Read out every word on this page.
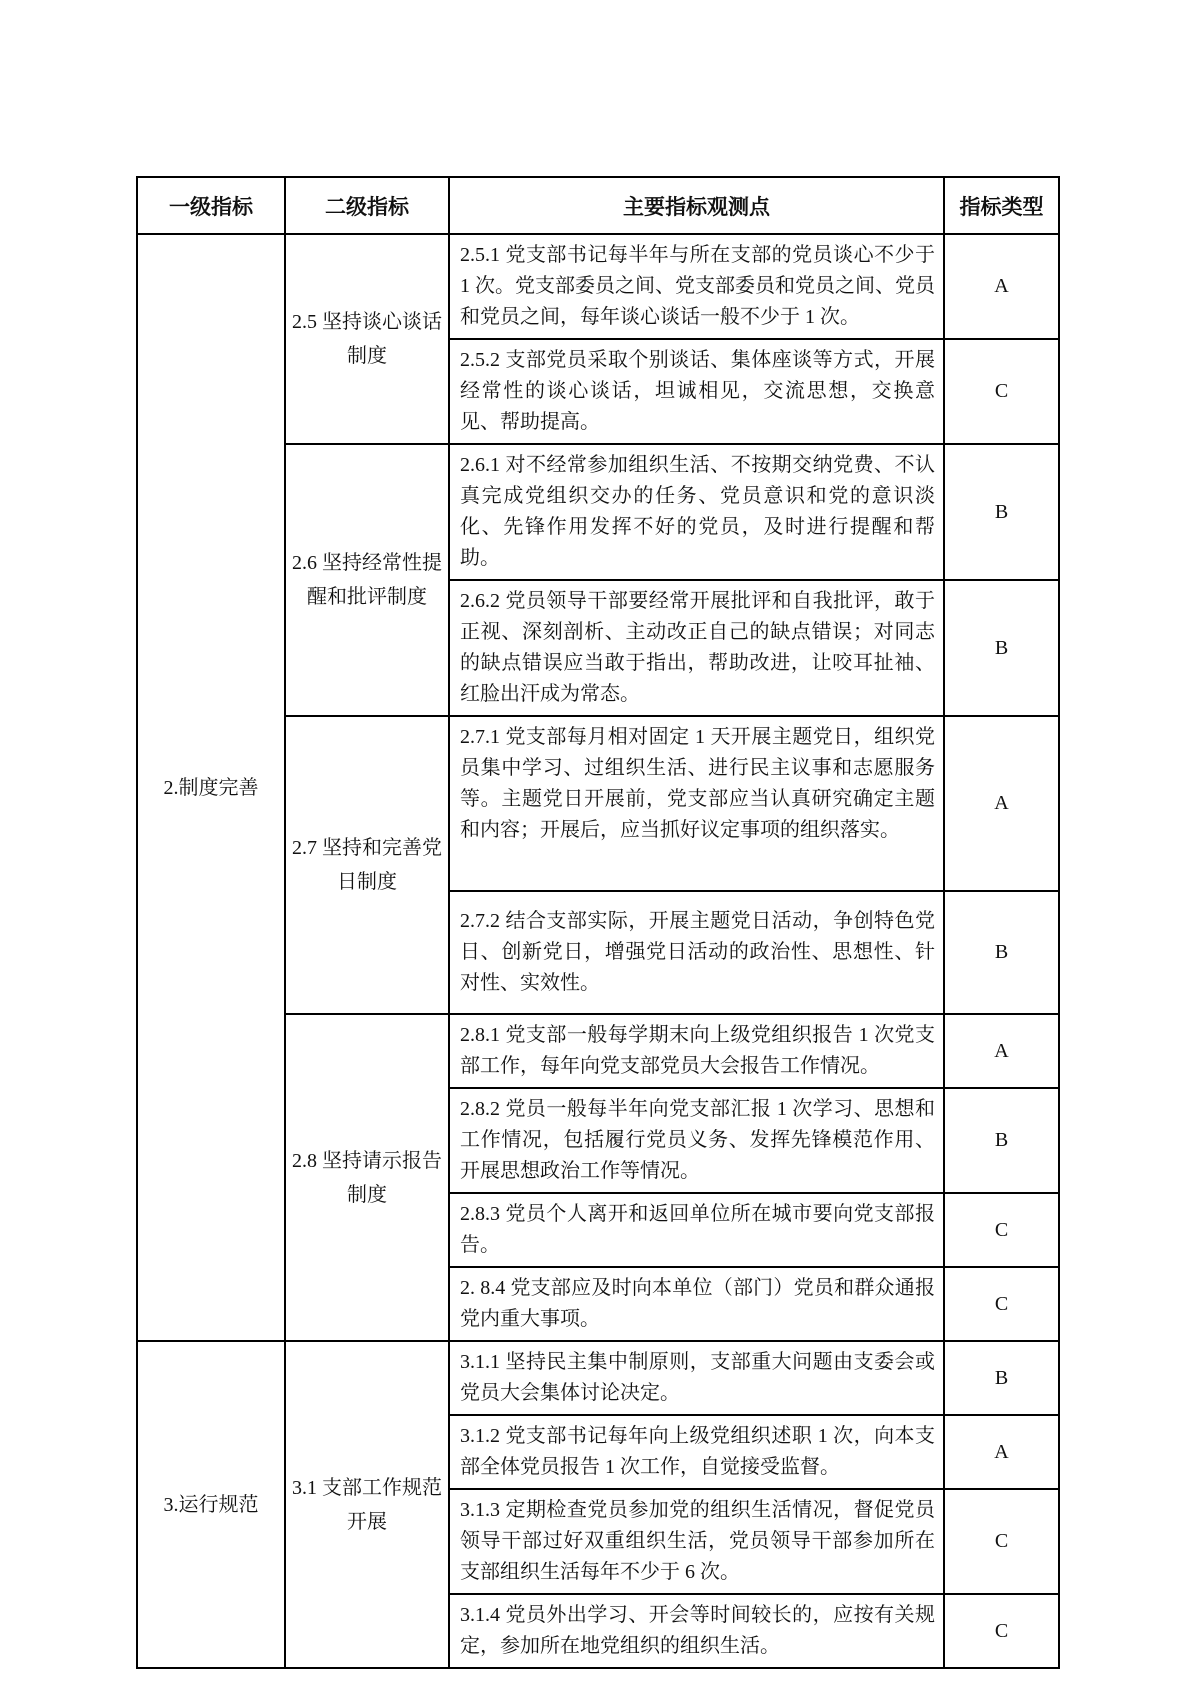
一级指标	二级指标	主要指标观测点	指标类型
2.制度完善	2.5 坚持谈心谈话制度	2.5.1 党支部书记每半年与所在支部的党员谈心不少于 1 次。党支部委员之间、党支部委员和党员之间、党员和党员之间，每年谈心谈话一般不少于 1 次。	A
		2.5.2 支部党员采取个别谈话、集体座谈等方式，开展经常性的谈心谈话，坦诚相见，交流思想，交换意见、帮助提高。	C
	2.6 坚持经常性提醒和批评制度	2.6.1 对不经常参加组织生活、不按期交纳党费、不认真完成党组织交办的任务、党员意识和党的意识淡化、先锋作用发挥不好的党员，及时进行提醒和帮助。	B
		2.6.2 党员领导干部要经常开展批评和自我批评，敢于正视、深刻剖析、主动改正自己的缺点错误；对同志的缺点错误应当敢于指出，帮助改进，让咬耳扯袖、红脸出汗成为常态。	B
	2.7 坚持和完善党日制度	2.7.1 党支部每月相对固定 1 天开展主题党日，组织党员集中学习、过组织生活、进行民主议事和志愿服务等。主题党日开展前，党支部应当认真研究确定主题和内容；开展后，应当抓好议定事项的组织落实。	A
		2.7.2 结合支部实际，开展主题党日活动，争创特色党日、创新党日，增强党日活动的政治性、思想性、针对性、实效性。	B
	2.8 坚持请示报告制度	2.8.1 党支部一般每学期末向上级党组织报告 1 次党支部工作，每年向党支部党员大会报告工作情况。	A
		2.8.2 党员一般每半年向党支部汇报 1 次学习、思想和工作情况，包括履行党员义务、发挥先锋模范作用、开展思想政治工作等情况。	B
		2.8.3 党员个人离开和返回单位所在城市要向党支部报告。	C
		2. 8.4 党支部应及时向本单位（部门）党员和群众通报党内重大事项。	C
3.运行规范	3.1 支部工作规范开展	3.1.1 坚持民主集中制原则，支部重大问题由支委会或党员大会集体讨论决定。	B
		3.1.2 党支部书记每年向上级党组织述职 1 次，向本支部全体党员报告 1 次工作，自觉接受监督。	A
		3.1.3 定期检查党员参加党的组织生活情况，督促党员领导干部过好双重组织生活，党员领导干部参加所在支部组织生活每年不少于 6 次。	C
		3.1.4 党员外出学习、开会等时间较长的，应按有关规定，参加所在地党组织的组织生活。	C
